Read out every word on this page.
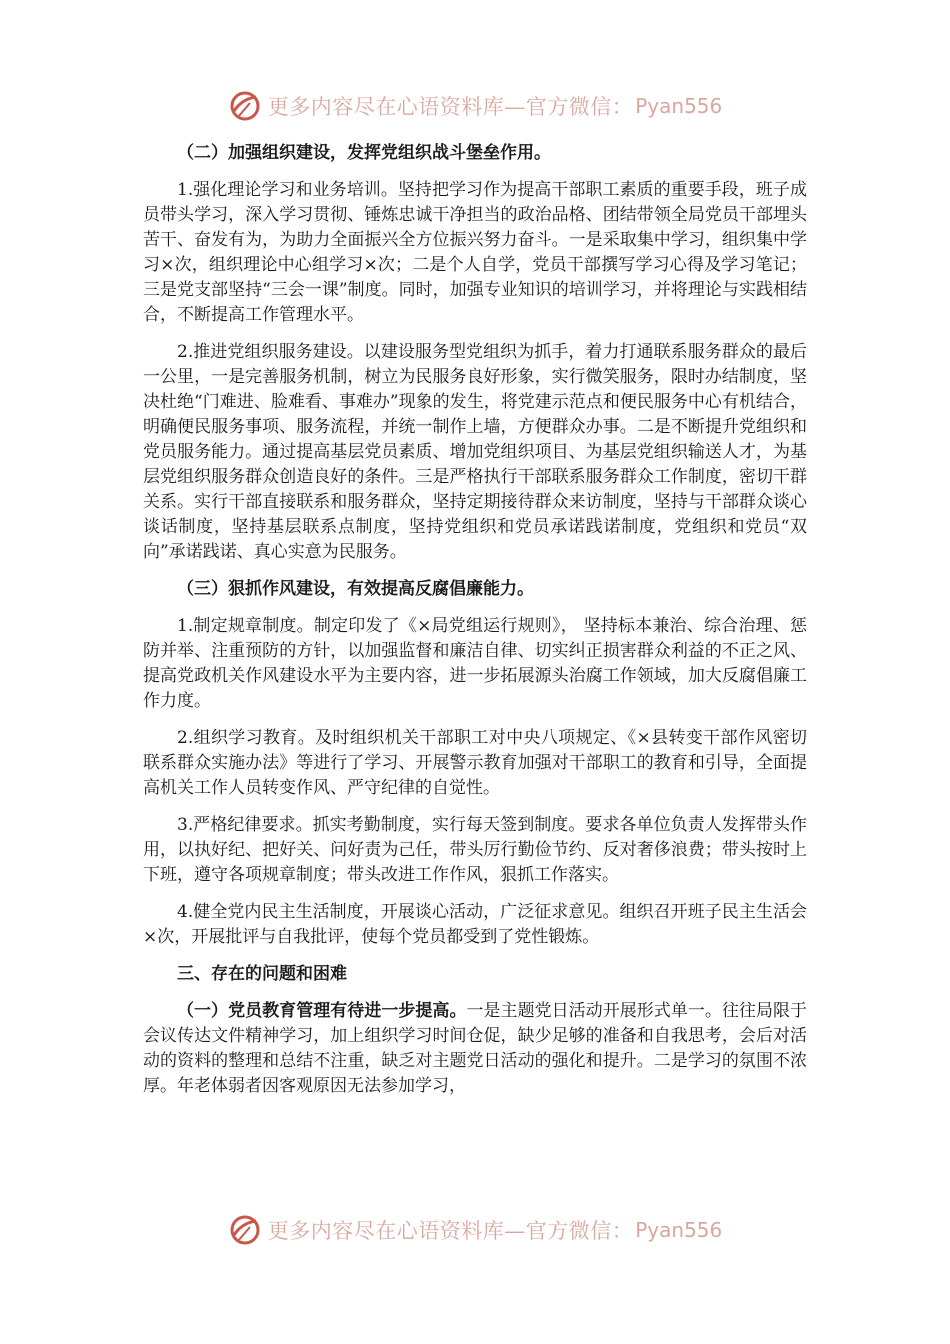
更多内容尽在心语资料库—官方微信： Pyan556

（二）加强组织建设，发挥党组织战斗堡垒作用。

1.强化理论学习和业务培训。坚持把学习作为提高干部职工素质的重要手段，班子成员带头学习，深入学习贯彻、锤炼忠诚干净担当的政治品格、团结带领全局党员干部埋头苦干、奋发有为，为助力全面振兴全方位振兴努力奋斗。一是采取集中学习，组织集中学习×次，组织理论中心组学习×次；二是个人自学，党员干部撰写学习心得及学习笔记；三是党支部坚持“三会一课”制度。同时，加强专业知识的培训学习，并将理论与实践相结合，不断提高工作管理水平。

2.推进党组织服务建设。以建设服务型党组织为抓手，着力打通联系服务群众的最后一公里，一是完善服务机制，树立为民服务良好形象，实行微笑服务，限时办结制度，坚决杜绝“门难进、脸难看、事难办”现象的发生，将党建示范点和便民服务中心有机结合，明确便民服务事项、服务流程，并统一制作上墙，方便群众办事。二是不断提升党组织和党员服务能力。通过提高基层党员素质、增加党组织项目、为基层党组织输送人才，为基层党组织服务群众创造良好的条件。三是严格执行干部联系服务群众工作制度，密切干群关系。实行干部直接联系和服务群众，坚持定期接待群众来访制度，坚持与干部群众谈心谈话制度，坚持基层联系点制度，坚持党组织和党员承诺践诺制度，党组织和党员“双向”承诺践诺、真心实意为民服务。

（三）狠抓作风建设，有效提高反腐倡廉能力。

1.制定规章制度。制定印发了《×局党组运行规则》， 坚持标本兼治、综合治理、惩防并举、注重预防的方针，以加强监督和廉洁自律、切实纠正损害群众利益的不正之风、提高党政机关作风建设水平为主要内容，进一步拓展源头治腐工作领域，加大反腐倡廉工作力度。

2.组织学习教育。及时组织机关干部职工对中央八项规定、《×县转变干部作风密切联系群众实施办法》等进行了学习、开展警示教育加强对干部职工的教育和引导，全面提高机关工作人员转变作风、严守纪律的自觉性。

3.严格纪律要求。抓实考勤制度，实行每天签到制度。要求各单位负责人发挥带头作用，以执好纪、把好关、问好责为己任，带头厉行勤俭节约、反对奢侈浪费；带头按时上下班，遵守各项规章制度；带头改进工作作风，狠抓工作落实。

4.健全党内民主生活制度，开展谈心活动，广泛征求意见。组织召开班子民主生活会×次，开展批评与自我批评，使每个党员都受到了党性锻炼。

三、存在的问题和困难

（一）党员教育管理有待进一步提高。一是主题党日活动开展形式单一。往往局限于会议传达文件精神学习，加上组织学习时间仓促，缺少足够的准备和自我思考，会后对活动的资料的整理和总结不注重，缺乏对主题党日活动的强化和提升。二是学习的氛围不浓厚。年老体弱者因客观原因无法参加学习，

更多内容尽在心语资料库—官方微信： Pyan556
